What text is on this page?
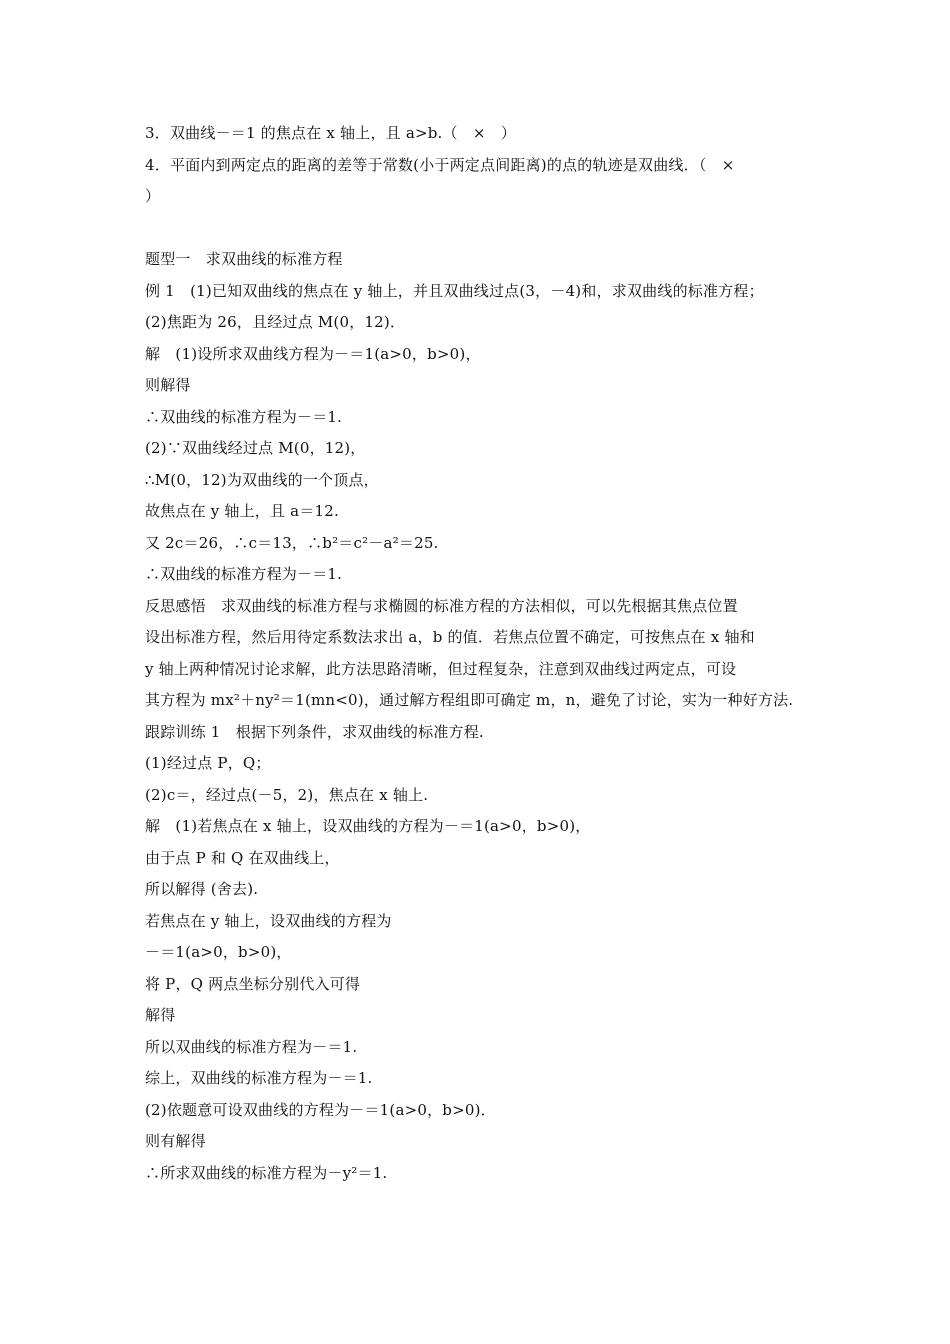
3．双曲线－＝1 的焦点在 x 轴上，且 a>b.（　×　）
4．平面内到两定点的距离的差等于常数(小于两定点间距离)的点的轨迹是双曲线．（　×
）
题型一　求双曲线的标准方程
例 1　(1)已知双曲线的焦点在 y 轴上，并且双曲线过点(3，－4)和，求双曲线的标准方程；
(2)焦距为 26，且经过点 M(0，12)．
解　(1)设所求双曲线方程为－＝1(a>0，b>0)，
则解得
∴双曲线的标准方程为－＝1.
(2)∵双曲线经过点 M(0，12)，
∴M(0，12)为双曲线的一个顶点，
故焦点在 y 轴上，且 a＝12.
又 2c＝26，∴c＝13，∴b²＝c²－a²＝25.
∴双曲线的标准方程为－＝1.
反思感悟　求双曲线的标准方程与求椭圆的标准方程的方法相似，可以先根据其焦点位置
设出标准方程，然后用待定系数法求出 a，b 的值．若焦点位置不确定，可按焦点在 x 轴和
y 轴上两种情况讨论求解，此方法思路清晰，但过程复杂，注意到双曲线过两定点，可设
其方程为 mx²＋ny²＝1(mn<0)，通过解方程组即可确定 m，n，避免了讨论，实为一种好方法.
跟踪训练 1　根据下列条件，求双曲线的标准方程.
(1)经过点 P，Q；
(2)c＝，经过点(－5，2)，焦点在 x 轴上.
解　(1)若焦点在 x 轴上，设双曲线的方程为－＝1(a>0，b>0)，
由于点 P 和 Q 在双曲线上，
所以解得 (舍去).
若焦点在 y 轴上，设双曲线的方程为
－＝1(a>0，b>0)，
将 P，Q 两点坐标分别代入可得
解得
所以双曲线的标准方程为－＝1.
综上，双曲线的标准方程为－＝1.
(2)依题意可设双曲线的方程为－＝1(a>0，b>0)．
则有解得
∴所求双曲线的标准方程为－y²＝1.
